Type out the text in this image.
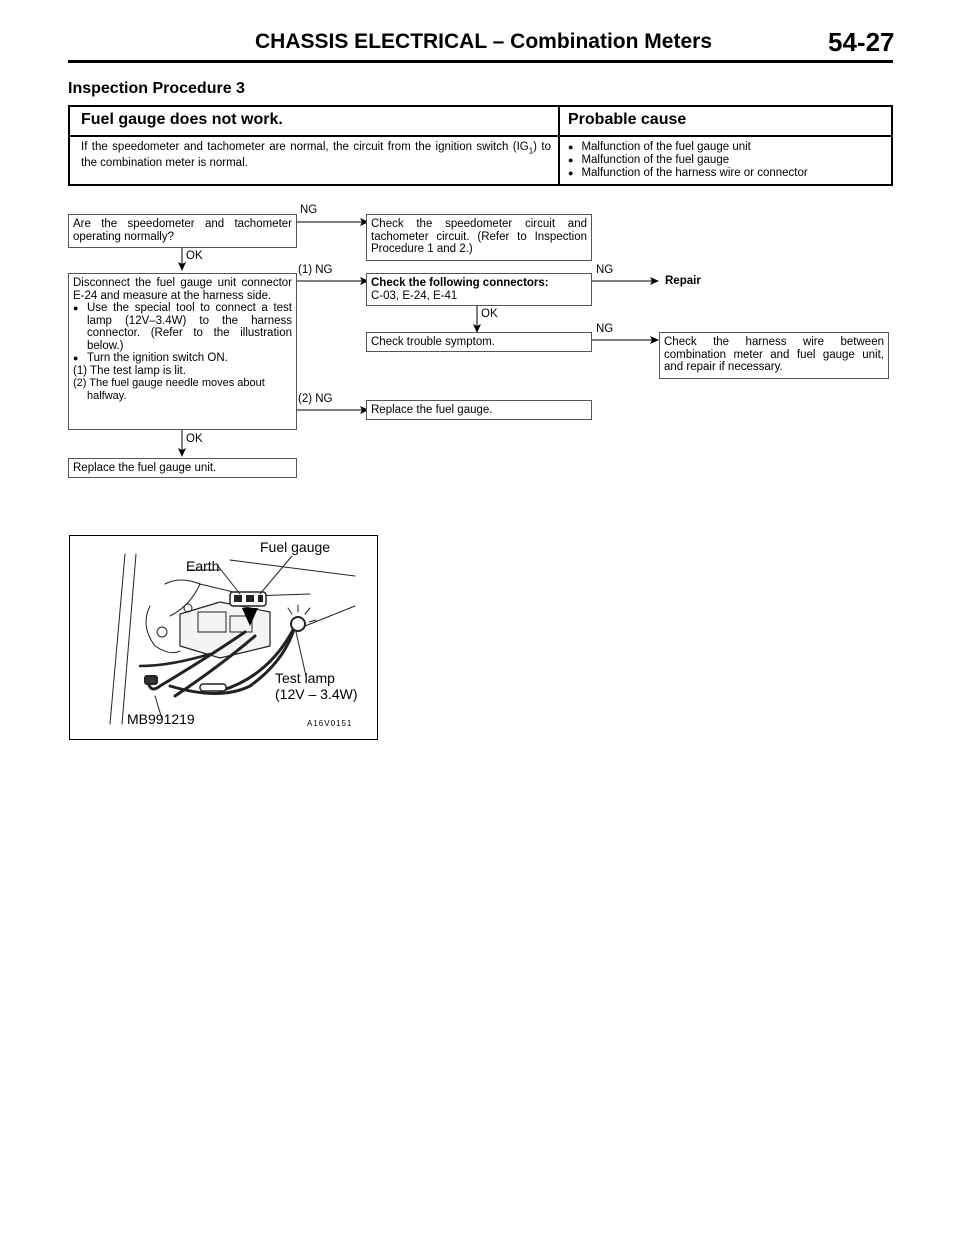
CHASSIS ELECTRICAL – Combination Meters	54-27
Inspection Procedure 3
Fuel gauge does not work.	Probable cause
If the speedometer and tachometer are normal, the circuit from the ignition switch $(IG_1)$ to the combination meter is normal.
● Malfunction of the fuel gauge unit
● Malfunction of the fuel gauge
● Malfunction of the harness wire or connector
Are the speedometer and tachometer operating normally?
NG
Check the speedometer circuit and tachometer circuit. (Refer to Inspection Procedure 1 and 2.)
OK
Disconnect the fuel gauge unit connector E-24 and measure at the harness side.
● Use the special tool to connect a test lamp (12V–3.4W) to the harness connector. (Refer to the illustration below.)
● Turn the ignition switch ON.
(1) The test lamp is lit.
(2) The fuel gauge needle moves about halfway.
(1) NG
Check the following connectors:
C-03, E-24, E-41
NG
Repair
OK
Check trouble symptom.
NG
Check the harness wire between combination meter and fuel gauge unit, and repair if necessary.
(2) NG
Replace the fuel gauge.
OK
Replace the fuel gauge unit.
Fuel gauge
Earth
Test lamp
(12V – 3.4W)
MB991219	A16V0151
